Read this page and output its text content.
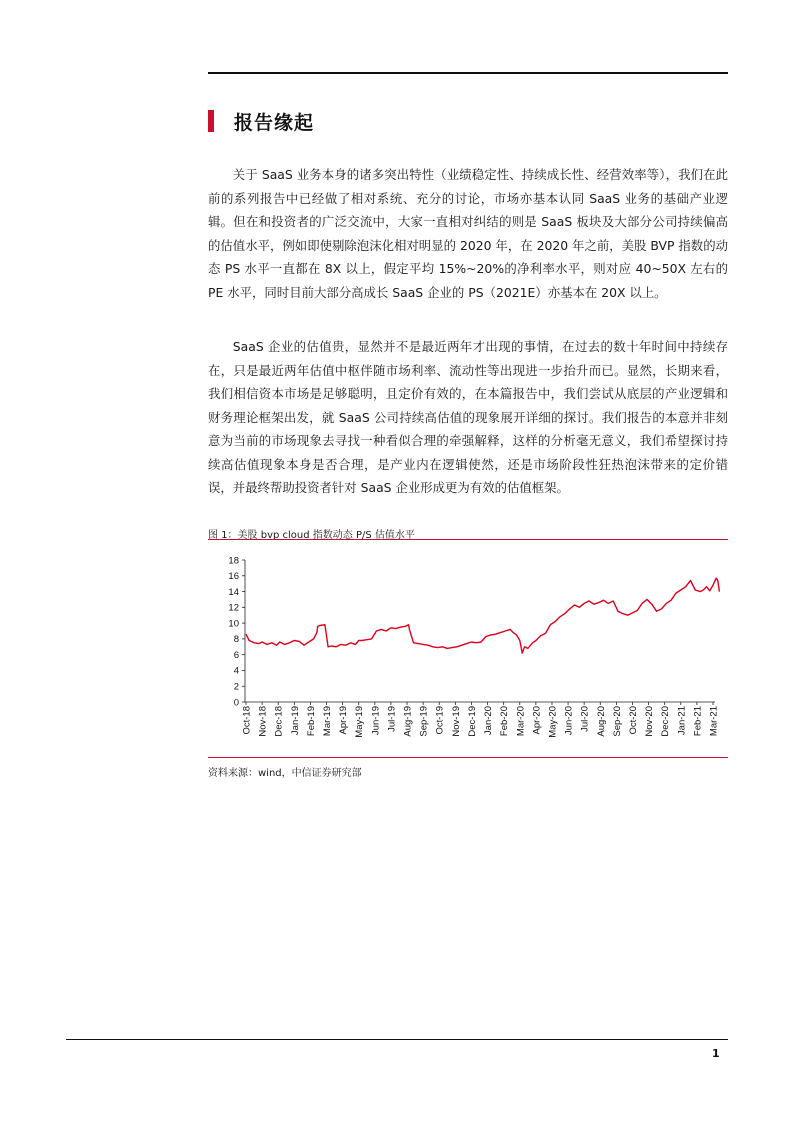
报告缘起

关于 SaaS 业务本身的诸多突出特性（业绩稳定性、持续成长性、经营效率等），我们在此前的系列报告中已经做了相对系统、充分的讨论，市场亦基本认同 SaaS 业务的基础产业逻辑。但在和投资者的广泛交流中，大家一直相对纠结的则是 SaaS 板块及大部分公司持续偏高的估值水平，例如即使剔除泡沫化相对明显的 2020 年，在 2020 年之前，美股 BVP 指数的动态 PS 水平一直都在 8X 以上，假定平均 15%~20%的净利率水平，则对应 40~50X 左右的 PE 水平，同时目前大部分高成长 SaaS 企业的 PS（2021E）亦基本在 20X 以上。

SaaS 企业的估值贵，显然并不是最近两年才出现的事情，在过去的数十年时间中持续存在，只是最近两年估值中枢伴随市场利率、流动性等出现进一步抬升而已。显然，长期来看，我们相信资本市场是足够聪明，且定价有效的，在本篇报告中，我们尝试从底层的产业逻辑和财务理论框架出发，就 SaaS 公司持续高估值的现象展开详细的探讨。我们报告的本意并非刻意为当前的市场现象去寻找一种看似合理的牵强解释，这样的分析毫无意义，我们希望探讨持续高估值现象本身是否合理，是产业内在逻辑使然，还是市场阶段性狂热泡沫带来的定价错误，并最终帮助投资者针对 SaaS 企业形成更为有效的估值框架。

图 1：美股 bvp cloud 指数动态 P/S 估值水平
0
2
4
6
8
10
12
14
16
18
Oct-18 Nov-18 Dec-18 Jan-19 Feb-19 Mar-19 Apr-19 May-19 Jun-19 Jul-19 Aug-19 Sep-19 Oct-19 Nov-19 Dec-19 Jan-20 Feb-20 Mar-20 Apr-20 May-20 Jun-20 Jul-20 Aug-20 Sep-20 Oct-20 Nov-20 Dec-20 Jan-21 Feb-21 Mar-21
资料来源：wind，中信证券研究部
1
